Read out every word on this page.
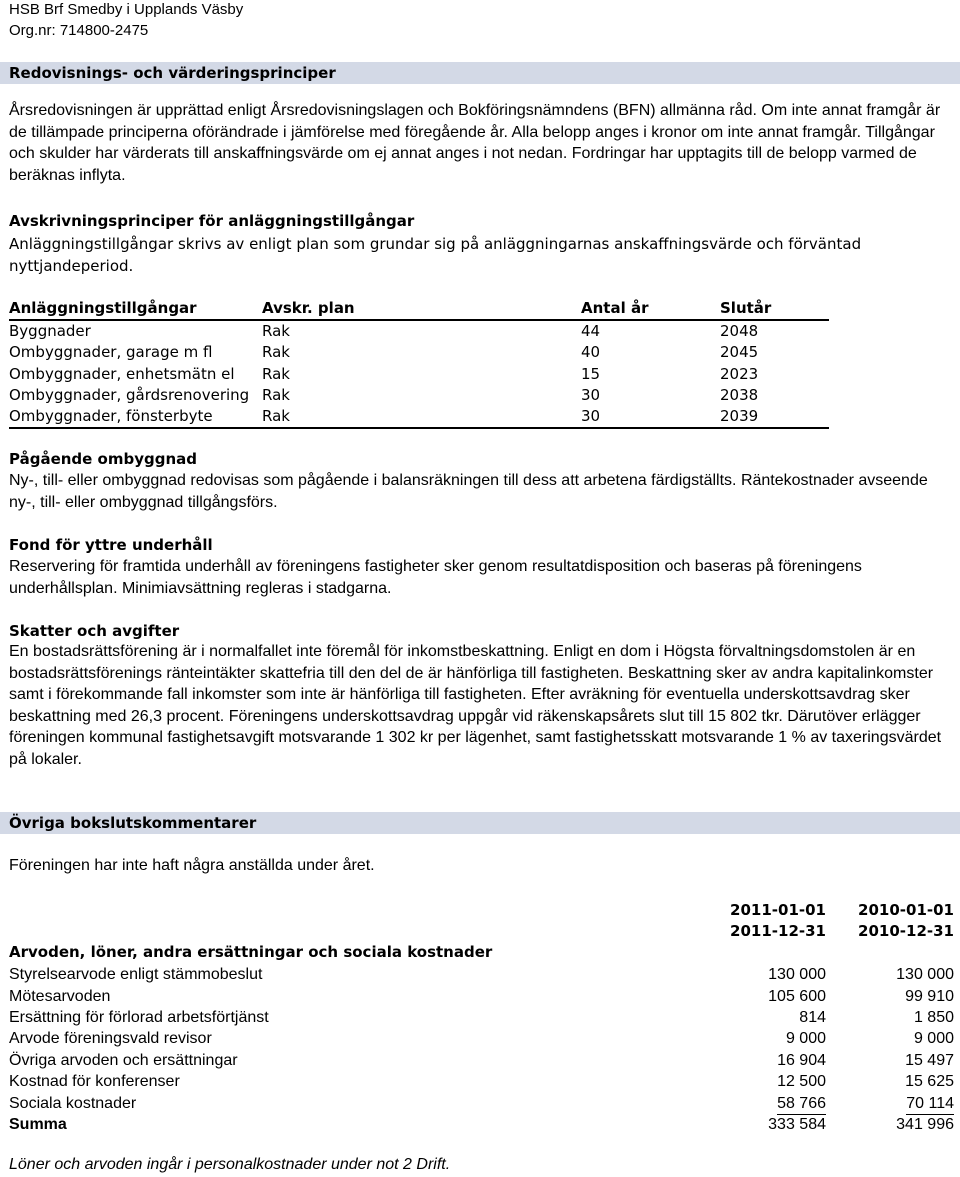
HSB Brf Smedby i Upplands Väsby
Org.nr: 714800-2475
Redovisnings- och värderingsprinciper
Årsredovisningen är upprättad enligt Årsredovisningslagen och Bokföringsnämndens (BFN) allmänna råd. Om inte annat framgår är de tillämpade principerna oförändrade i jämförelse med föregående år. Alla belopp anges i kronor om inte annat framgår. Tillgångar och skulder har värderats till anskaffningsvärde om ej annat anges i not nedan. Fordringar har upptagits till de belopp varmed de beräknas inflyta.
Avskrivningsprinciper för anläggningstillgångar
Anläggningstillgångar skrivs av enligt plan som grundar sig på anläggningarnas anskaffningsvärde och förväntad nyttjandeperiod.
Anläggningstillgångar	Avskr. plan	Antal år	Slutår
Byggnader	Rak	44	2048
Ombyggnader, garage m fl	Rak	40	2045
Ombyggnader, enhetsmätn el Rak	15	2023
Ombyggnader, gårdsrenovering Rak	30	2038
Ombyggnader, fönsterbyte	Rak	30	2039
Pågående ombyggnad
Ny-, till- eller ombyggnad redovisas som pågående i balansräkningen till dess att arbetena färdigställts. Räntekostnader avseende ny-, till- eller ombyggnad tillgångsförs.
Fond för yttre underhåll
Reservering för framtida underhåll av föreningens fastigheter sker genom resultatdisposition och baseras på föreningens underhållsplan. Minimiavsättning regleras i stadgarna.
Skatter och avgifter
En bostadsrättsförening är i normalfallet inte föremål för inkomstbeskattning. Enligt en dom i Högsta förvaltningsdomstolen är en bostadsrättsförenings ränteintäkter skattefria till den del de är hänförliga till fastigheten. Beskattning sker av andra kapitalinkomster samt i förekommande fall inkomster som inte är hänförliga till fastigheten. Efter avräkning för eventuella underskottsavdrag sker beskattning med 26,3 procent. Föreningens underskottsavdrag uppgår vid räkenskapsårets slut till 15 802 tkr. Därutöver erlägger föreningen kommunal fastighetsavgift motsvarande 1 302 kr per lägenhet, samt fastighetsskatt motsvarande 1 % av taxeringsvärdet på lokaler.
Övriga bokslutskommentarer
Föreningen har inte haft några anställda under året.
2011-01-01 2010-01-01
Arvoden, löner, andra ersättningar och sociala kostnader
2011-12-31 2010-12-31
Styrelsearvode enligt stämmobeslut	130 000	130 000
Mötesarvoden	105 600	99 910
Ersättning för förlorad arbetsförtjänst	814	1 850
Arvode föreningsvald revisor	9 000	9 000
Övriga arvoden och ersättningar	16 904	15 497
Kostnad för konferenser	12 500	15 625
Sociala kostnader	58 766	70 114
Summa	333 584	341 996
Löner och arvoden ingår i personalkostnader under not 2 Drift.
